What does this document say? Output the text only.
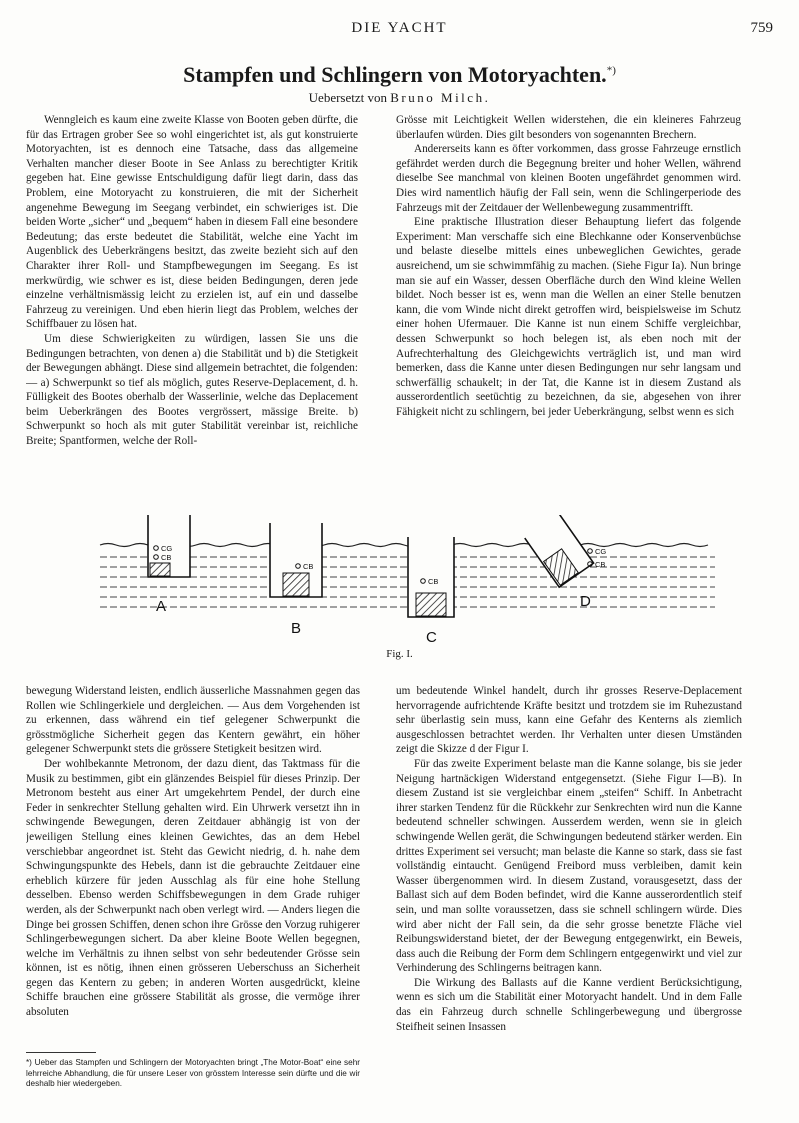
DIE YACHT	759
Stampfen und Schlingern von Motoryachten.*)
Uebersetzt von Bruno Milch.

Wenngleich es kaum eine zweite Klasse von Booten geben dürfte, die für das Ertragen grober See so wohl eingerichtet ist, als gut konstruierte Motoryachten, ist es dennoch eine Tatsache, dass das allgemeine Verhalten mancher dieser Boote in See Anlass zu berechtigter Kritik gegeben hat. Eine gewisse Entschuldigung dafür liegt darin, dass das Problem, eine Motoryacht zu konstruieren, die mit der Sicherheit angenehme Bewegung im Seegang verbindet, ein schwieriges ist. Die beiden Worte „sicher“ und „bequem“ haben in diesem Fall eine besondere Bedeutung; das erste bedeutet die Stabilität, welche eine Yacht im Augenblick des Ueberkrängens besitzt, das zweite bezieht sich auf den Charakter ihrer Roll- und Stampfbewegungen im Seegang. Es ist merkwürdig, wie schwer es ist, diese beiden Bedingungen, deren jede einzelne verhältnismässig leicht zu erzielen ist, auf ein und dasselbe Fahrzeug zu vereinigen. Und eben hierin liegt das Problem, welches der Schiffbauer zu lösen hat.

Um diese Schwierigkeiten zu würdigen, lassen Sie uns die Bedingungen betrachten, von denen a) die Stabilität und b) die Stetigkeit der Bewegungen abhängt. Diese sind allgemein betrachtet, die folgenden: — a) Schwerpunkt so tief als möglich, gutes Reserve-Deplacement, d. h. Fülligkeit des Bootes oberhalb der Wasserlinie, welche das Deplacement beim Ueberkrängen des Bootes vergrössert, mässige Breite. b) Schwerpunkt so hoch als mit guter Stabilität vereinbar ist, reichliche Breite; Spantformen, welche der Roll-

Grösse mit Leichtigkeit Wellen widerstehen, die ein kleineres Fahrzeug überlaufen würden. Dies gilt besonders von sogenannten Brechern.

Andererseits kann es öfter vorkommen, dass grosse Fahrzeuge ernstlich gefährdet werden durch die Begegnung breiter und hoher Wellen, während dieselbe See manchmal von kleinen Booten ungefährdet genommen wird. Dies wird namentlich häufig der Fall sein, wenn die Schlingerperiode des Fahrzeugs mit der Zeitdauer der Wellenbewegung zusammentrifft.

Eine praktische Illustration dieser Behauptung liefert das folgende Experiment: Man verschaffe sich eine Blechkanne oder Konservenbüchse und belaste dieselbe mittels eines unbeweglichen Gewichtes, gerade ausreichend, um sie schwimmfähig zu machen. (Siehe Figur Ia). Nun bringe man sie auf ein Wasser, dessen Oberfläche durch den Wind kleine Wellen bildet. Noch besser ist es, wenn man die Wellen an einer Stelle benutzen kann, die vom Winde nicht direkt getroffen wird, beispielsweise im Schutz einer hohen Ufermauer. Die Kanne ist nun einem Schiffe vergleichbar, dessen Schwerpunkt so hoch belegen ist, als eben noch mit der Aufrechterhaltung des Gleichgewichts verträglich ist, und man wird bemerken, dass die Kanne unter diesen Bedingungen nur sehr langsam und schwerfällig schaukelt; in der Tat, die Kanne ist in diesem Zustand als ausserordentlich seetüchtig zu bezeichnen, da sie, abgesehen von ihrer Fähigkeit nicht zu schlingern, bei jeder Ueberkrängung, selbst wenn es sich

CG
CB
CB
CB
CG
CB
A
B
C
D
Fig. I.

bewegung Widerstand leisten, endlich äusserliche Massnahmen gegen das Rollen wie Schlingerkiele und dergleichen. — Aus dem Vorgehenden ist zu erkennen, dass während ein tief gelegener Schwerpunkt die grösstmögliche Sicherheit gegen das Kentern gewährt, ein höher gelegener Schwerpunkt stets die grössere Stetigkeit besitzen wird.

Der wohlbekannte Metronom, der dazu dient, das Taktmass für die Musik zu bestimmen, gibt ein glänzendes Beispiel für dieses Prinzip. Der Metronom besteht aus einer Art umgekehrtem Pendel, der durch eine Feder in senkrechter Stellung gehalten wird. Ein Uhrwerk versetzt ihn in schwingende Bewegungen, deren Zeitdauer abhängig ist von der jeweiligen Stellung eines kleinen Gewichtes, das an dem Hebel verschiebbar angeordnet ist. Steht das Gewicht niedrig, d. h. nahe dem Schwingungspunkte des Hebels, dann ist die gebrauchte Zeitdauer eine erheblich kürzere für jeden Ausschlag als für eine hohe Stellung desselben. Ebenso werden Schiffsbewegungen in dem Grade ruhiger werden, als der Schwerpunkt nach oben verlegt wird. — Anders liegen die Dinge bei grossen Schiffen, denen schon ihre Grösse den Vorzug ruhigerer Schlingerbewegungen sichert. Da aber kleine Boote Wellen begegnen, welche im Verhältnis zu ihnen selbst von sehr bedeutender Grösse sein können, ist es nötig, ihnen einen grösseren Ueberschuss an Sicherheit gegen das Kentern zu geben; in anderen Worten ausgedrückt, kleine Schiffe brauchen eine grössere Stabilität als grosse, die vermöge ihrer absoluten

um bedeutende Winkel handelt, durch ihr grosses Reserve-Deplacement hervorragende aufrichtende Kräfte besitzt und trotzdem sie im Ruhezustand sehr überlastig sein muss, kann eine Gefahr des Kenterns als ziemlich ausgeschlossen betrachtet werden. Ihr Verhalten unter diesen Umständen zeigt die Skizze d der Figur I.

Für das zweite Experiment belaste man die Kanne solange, bis sie jeder Neigung hartnäckigen Widerstand entgegensetzt. (Siehe Figur I—B). In diesem Zustand ist sie vergleichbar einem „steifen“ Schiff. In Anbetracht ihrer starken Tendenz für die Rückkehr zur Senkrechten wird nun die Kanne bedeutend schneller schwingen. Ausserdem werden, wenn sie in gleich schwingende Wellen gerät, die Schwingungen bedeutend stärker werden. Ein drittes Experiment sei versucht; man belaste die Kanne so stark, dass sie fast vollständig eintaucht. Genügend Freibord muss verbleiben, damit kein Wasser übergenommen wird. In diesem Zustand, vorausgesetzt, dass der Ballast sich auf dem Boden befindet, wird die Kanne ausserordentlich steif sein, und man sollte voraussetzen, dass sie schnell schlingern würde. Dies wird aber nicht der Fall sein, da die sehr grosse benetzte Fläche viel Reibungswiderstand bietet, der der Bewegung entgegenwirkt, ein Beweis, dass auch die Reibung der Form dem Schlingern entgegenwirkt und viel zur Verhinderung des Schlingerns beitragen kann.

Die Wirkung des Ballasts auf die Kanne verdient Berücksichtigung, wenn es sich um die Stabilität einer Motoryacht handelt. Und in dem Falle das ein Fahrzeug durch schnelle Schlingerbewegung und übergrosse Steifheit seinen Insassen

*) Ueber das Stampfen und Schlingern der Motoryachten bringt „The Motor-Boat“ eine sehr lehrreiche Abhandlung, die für unsere Leser von grösstem Interesse sein dürfte und die wir deshalb hier wiedergeben.
